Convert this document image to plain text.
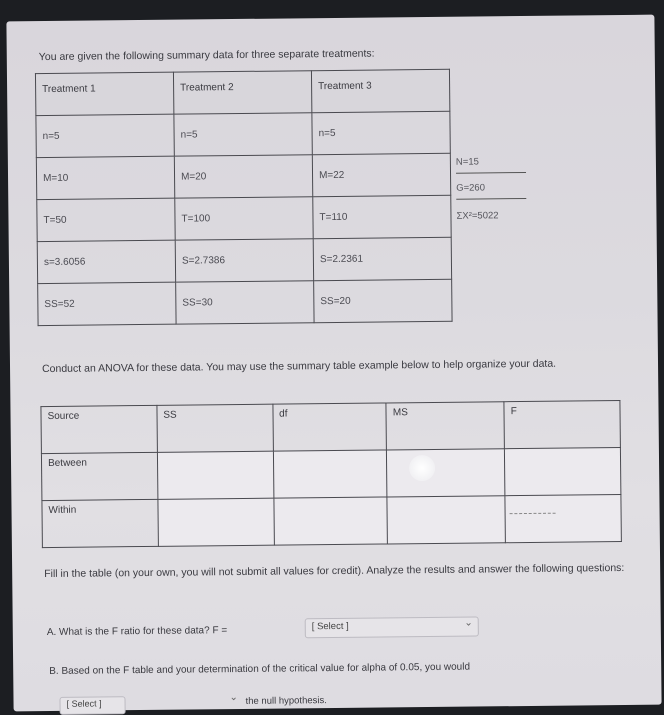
You are given the following summary data for three separate treatments:
Treatment 1	Treatment 2	Treatment 3

n=5	n=5	n=5

M=10	M=20	M=22

T=50	T=100	T=110

s=3.6056	S=2.7386	S=2.2361

SS=52	SS=30	SS=20
N=15
G=260
ΣX²=5022
Conduct an ANOVA for these data. You may use the summary table example below to help organize your data.
Source	SS	df	MS	F

Between				

Within				

Fill in the table (on your own, you will not submit all values for credit). Analyze the results and answer the following questions:
A. What is the F ratio for these data? F =	[ Select ]	⌄
B. Based on the F table and your determination of the critical value for alpha of 0.05, you would
[ Select ]
⌄ the null hypothesis.
